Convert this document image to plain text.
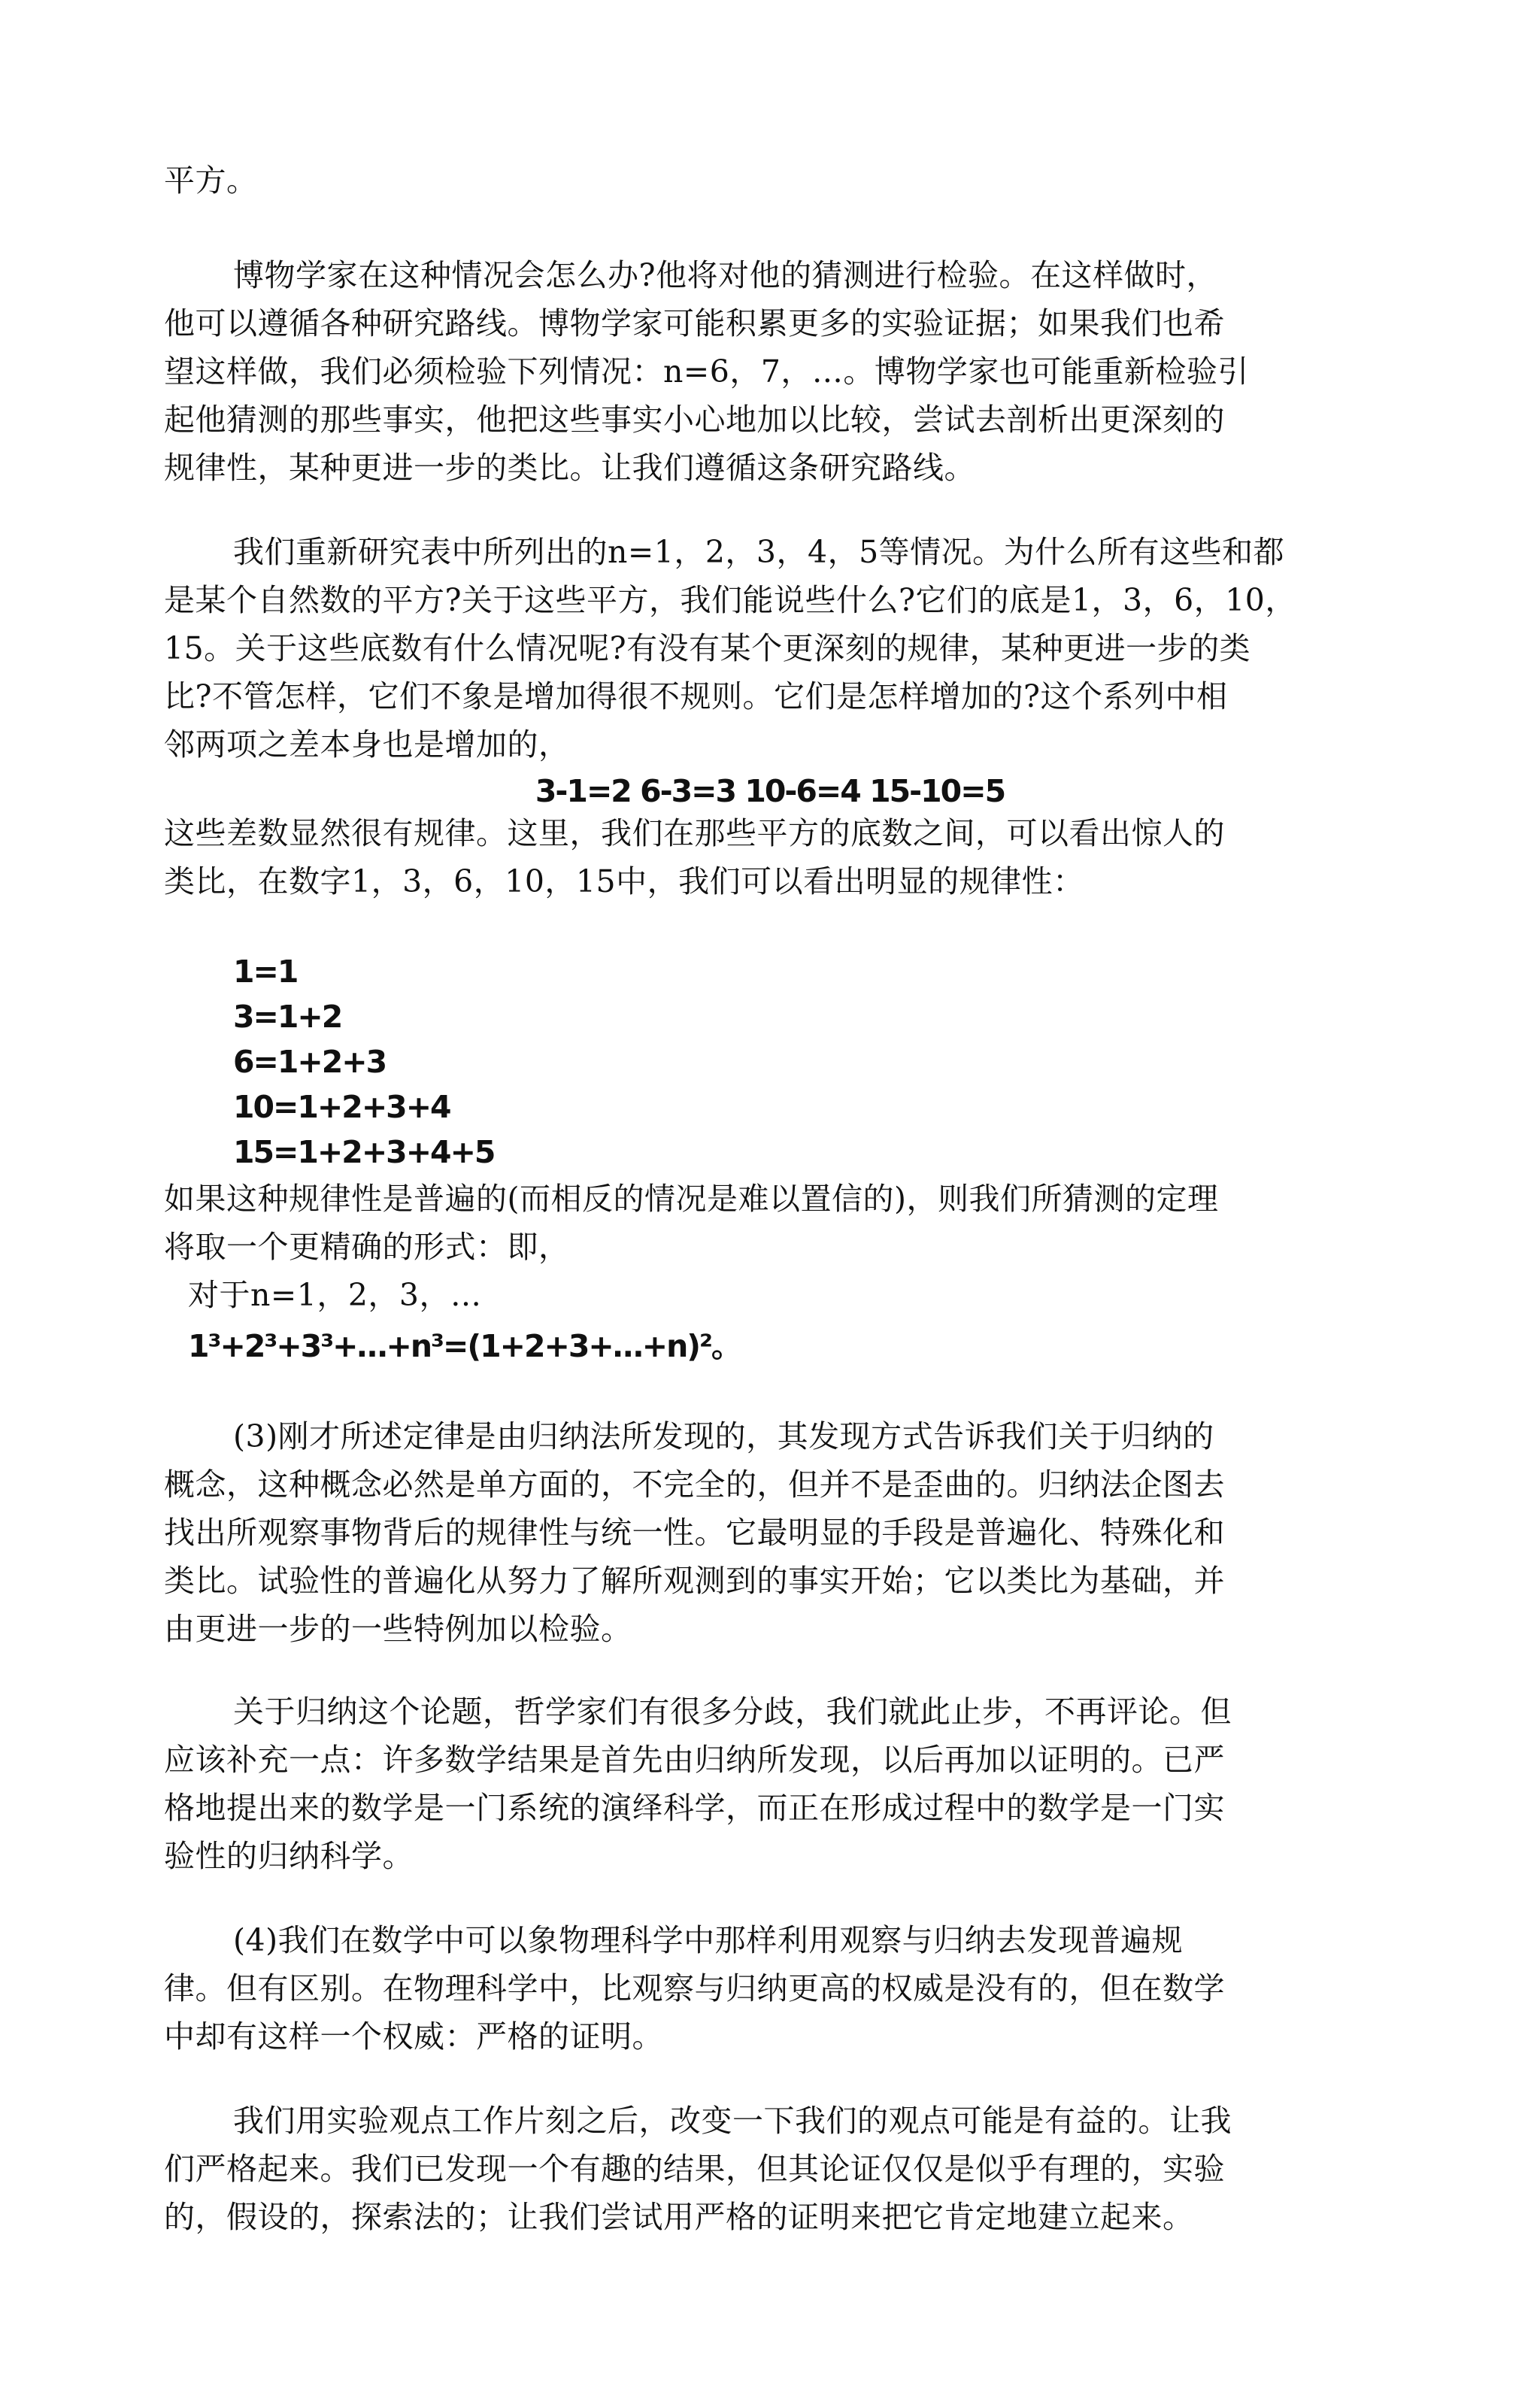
平方。
博物学家在这种情况会怎么办?他将对他的猜测进行检验。在这样做时，
他可以遵循各种研究路线。博物学家可能积累更多的实验证据；如果我们也希
望这样做，我们必须检验下列情况：n=6，7，…。博物学家也可能重新检验引
起他猜测的那些事实，他把这些事实小心地加以比较，尝试去剖析出更深刻的
规律性，某种更进一步的类比。让我们遵循这条研究路线。
我们重新研究表中所列出的n=1，2，3，4，5等情况。为什么所有这些和都
是某个自然数的平方?关于这些平方，我们能说些什么?它们的底是1，3，6，10，
15。关于这些底数有什么情况呢?有没有某个更深刻的规律，某种更进一步的类
比?不管怎样，它们不象是增加得很不规则。它们是怎样增加的?这个系列中相
邻两项之差本身也是增加的，
3-1=2 6-3=3 10-6=4 15-10=5
这些差数显然很有规律。这里，我们在那些平方的底数之间，可以看出惊人的
类比，在数字1，3，6，10，15中，我们可以看出明显的规律性：
1=1
3=1+2
6=1+2+3
10=1+2+3+4
15=1+2+3+4+5
如果这种规律性是普遍的(而相反的情况是难以置信的)，则我们所猜测的定理
将取一个更精确的形式：即，
对于n=1，2，3，…
1³+2³+3³+…+n³=(1+2+3+…+n)²。
(3)刚才所述定律是由归纳法所发现的，其发现方式告诉我们关于归纳的
概念，这种概念必然是单方面的，不完全的，但并不是歪曲的。归纳法企图去
找出所观察事物背后的规律性与统一性。它最明显的手段是普遍化、特殊化和
类比。试验性的普遍化从努力了解所观测到的事实开始；它以类比为基础，并
由更进一步的一些特例加以检验。
关于归纳这个论题，哲学家们有很多分歧，我们就此止步，不再评论。但
应该补充一点：许多数学结果是首先由归纳所发现，以后再加以证明的。已严
格地提出来的数学是一门系统的演绎科学，而正在形成过程中的数学是一门实
验性的归纳科学。
(4)我们在数学中可以象物理科学中那样利用观察与归纳去发现普遍规
律。但有区别。在物理科学中，比观察与归纳更高的权威是没有的，但在数学
中却有这样一个权威：严格的证明。
我们用实验观点工作片刻之后，改变一下我们的观点可能是有益的。让我
们严格起来。我们已发现一个有趣的结果，但其论证仅仅是似乎有理的，实验
的，假设的，探索法的；让我们尝试用严格的证明来把它肯定地建立起来。
